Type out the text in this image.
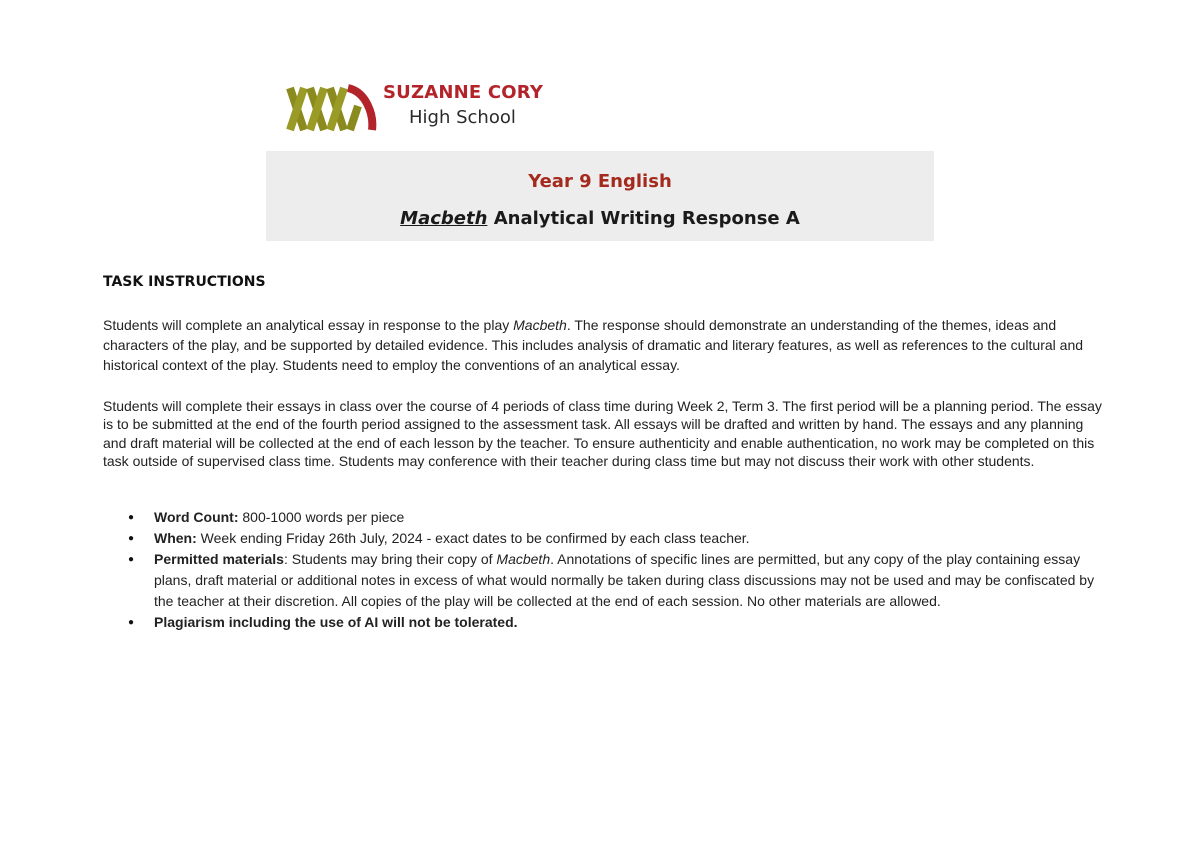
SUZANNE CORY
High School
Year 9 English
Macbeth Analytical Writing Response A
TASK INSTRUCTIONS
Students will complete an analytical essay in response to the play Macbeth. The response should demonstrate an understanding of the themes, ideas and characters of the play, and be supported by detailed evidence. This includes analysis of dramatic and literary features, as well as references to the cultural and historical context of the play. Students need to employ the conventions of an analytical essay.
Students will complete their essays in class over the course of 4 periods of class time during Week 2, Term 3. The first period will be a planning period. The essay is to be submitted at the end of the fourth period assigned to the assessment task. All essays will be drafted and written by hand. The essays and any planning and draft material will be collected at the end of each lesson by the teacher. To ensure authenticity and enable authentication, no work may be completed on this task outside of supervised class time. Students may conference with their teacher during class time but may not discuss their work with other students.
● Word Count: 800-1000 words per piece
● When: Week ending Friday 26th July, 2024 - exact dates to be confirmed by each class teacher.
● Permitted materials: Students may bring their copy of Macbeth. Annotations of specific lines are permitted, but any copy of the play containing essay plans, draft material or additional notes in excess of what would normally be taken during class discussions may not be used and may be confiscated by the teacher at their discretion. All copies of the play will be collected at the end of each session. No other materials are allowed.
● Plagiarism including the use of AI will not be tolerated.
